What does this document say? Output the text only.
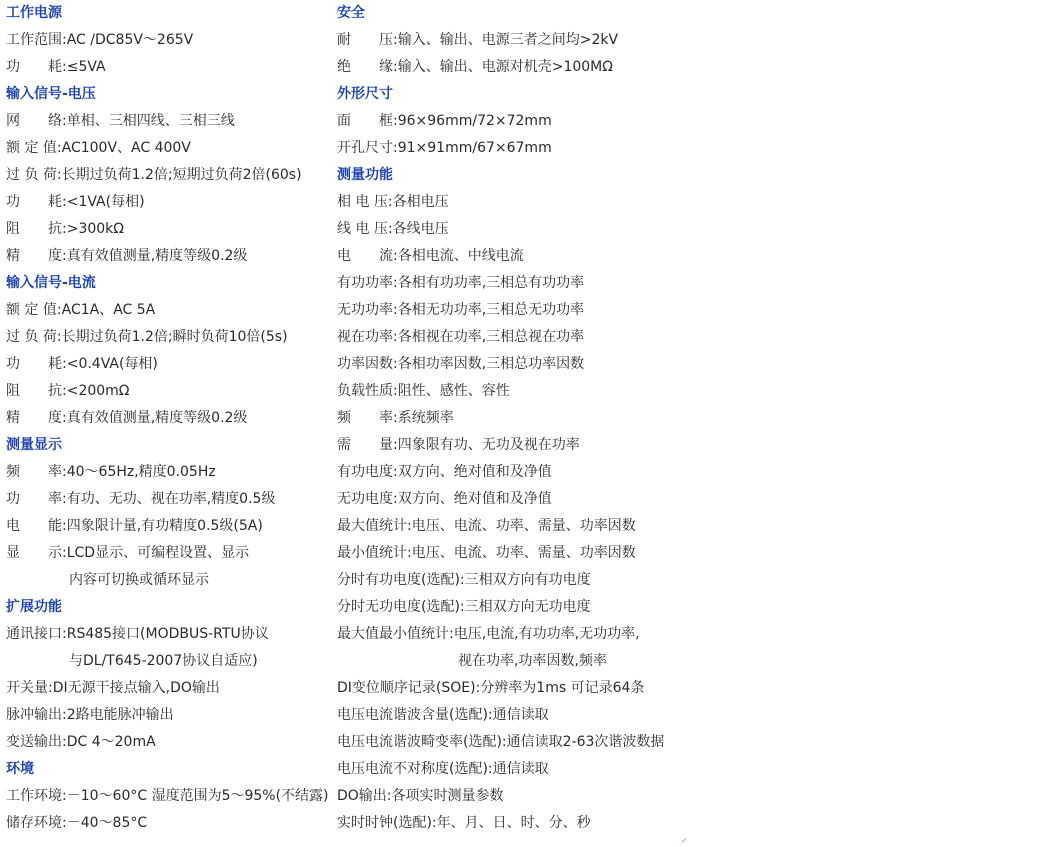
工作电源
工作范围:AC /DC85V～265V
功　　耗:≤5VA
输入信号-电压
网　　络:单相、三相四线、三相三线
额 定 值:AC100V、AC 400V
过 负 荷:长期过负荷1.2倍;短期过负荷2倍(60s)
功　　耗:<1VA(每相)
阻　　抗:>300kΩ
精　　度:真有效值测量,精度等级0.2级
输入信号-电流
额 定 值:AC1A、AC 5A
过 负 荷:长期过负荷1.2倍;瞬时负荷10倍(5s)
功　　耗:<0.4VA(每相)
阻　　抗:<200mΩ
精　　度:真有效值测量,精度等级0.2级
测量显示
频　　率:40～65Hz,精度0.05Hz
功　　率:有功、无功、视在功率,精度0.5级
电　　能:四象限计量,有功精度0.5级(5A)
显　　示:LCD显示、可编程设置、显示
内容可切换或循环显示
扩展功能
通讯接口:RS485接口(MODBUS-RTU协议
与DL/T645-2007协议自适应)
开关量:DI无源干接点输入,DO输出
脉冲输出:2路电能脉冲输出
变送输出:DC 4～20mA
环境
工作环境:－10～60°C 湿度范围为5～95%(不结露)
储存环境:－40～85°C
安全
耐　　压:输入、输出、电源三者之间均>2kV
绝　　缘:输入、输出、电源对机壳>100MΩ
外形尺寸
面　　框:96×96mm/72×72mm
开孔尺寸:91×91mm/67×67mm
测量功能
相 电 压:各相电压
线 电 压:各线电压
电　　流:各相电流、中线电流
有功功率:各相有功功率,三相总有功功率
无功功率:各相无功功率,三相总无功功率
视在功率:各相视在功率,三相总视在功率
功率因数:各相功率因数,三相总功率因数
负载性质:阻性、感性、容性
频　　率:系统频率
需　　量:四象限有功、无功及视在功率
有功电度:双方向、绝对值和及净值
无功电度:双方向、绝对值和及净值
最大值统计:电压、电流、功率、需量、功率因数
最小值统计:电压、电流、功率、需量、功率因数
分时有功电度(选配):三相双方向有功电度
分时无功电度(选配):三相双方向无功电度
最大值最小值统计:电压,电流,有功功率,无功功率,
视在功率,功率因数,频率
DI变位顺序记录(SOE):分辨率为1ms 可记录64条
电压电流谐波含量(选配):通信读取
电压电流谐波畸变率(选配):通信读取2-63次谐波数据
电压电流不对称度(选配):通信读取
DO输出:各项实时测量参数
实时时钟(选配):年、月、日、时、分、秒
✓
